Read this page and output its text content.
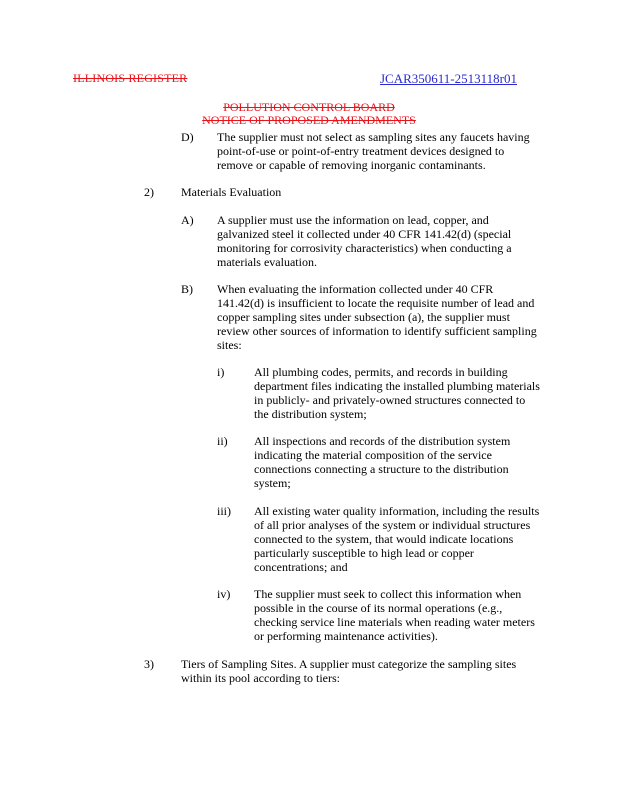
ILLINOIS REGISTER	JCAR350611-2513118r01
POLLUTION CONTROL BOARD
NOTICE OF PROPOSED AMENDMENTS
D) The supplier must not select as sampling sites any faucets having
point-of-use or point-of-entry treatment devices designed to
remove or capable of removing inorganic contaminants.
2) Materials Evaluation
A) A supplier must use the information on lead, copper, and
galvanized steel it collected under 40 CFR 141.42(d) (special
monitoring for corrosivity characteristics) when conducting a
materials evaluation.
B) When evaluating the information collected under 40 CFR
141.42(d) is insufficient to locate the requisite number of lead and
copper sampling sites under subsection (a), the supplier must
review other sources of information to identify sufficient sampling
sites:
i) All plumbing codes, permits, and records in building
department files indicating the installed plumbing materials
in publicly- and privately-owned structures connected to
the distribution system;
ii) All inspections and records of the distribution system
indicating the material composition of the service
connections connecting a structure to the distribution
system;
iii) All existing water quality information, including the results
of all prior analyses of the system or individual structures
connected to the system, that would indicate locations
particularly susceptible to high lead or copper
concentrations; and
iv) The supplier must seek to collect this information when
possible in the course of its normal operations (e.g.,
checking service line materials when reading water meters
or performing maintenance activities).
3) Tiers of Sampling Sites. A supplier must categorize the sampling sites
within its pool according to tiers:
